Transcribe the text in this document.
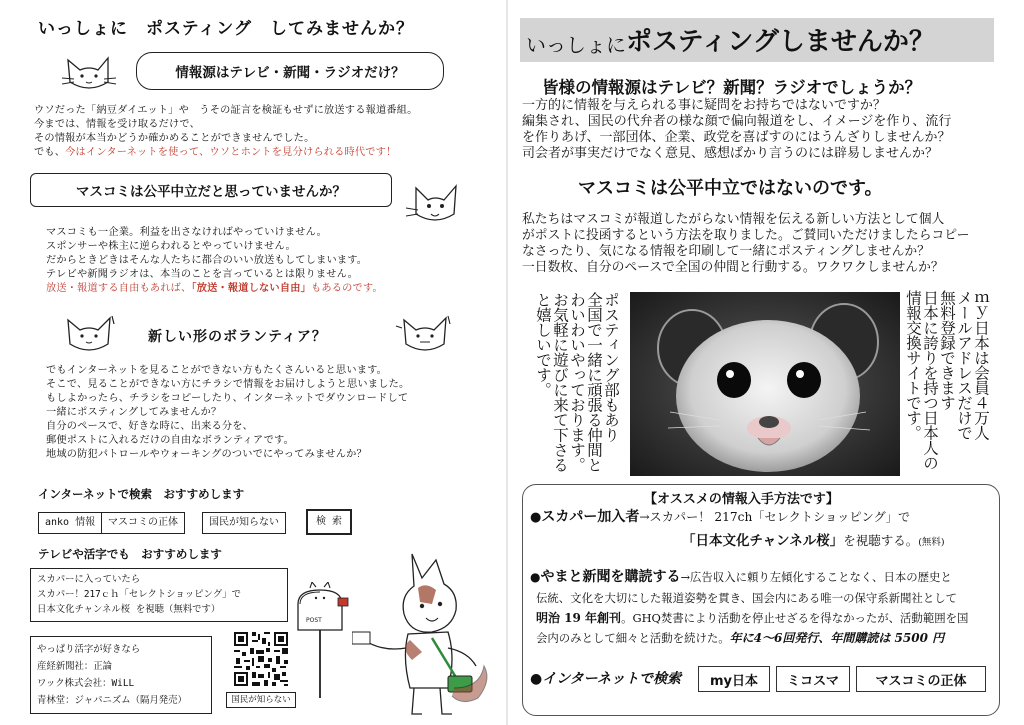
いっしょに　ポスティング　してみませんか？
情報源はテレビ・新聞・ラジオだけ？
ウソだった「納豆ダイエット」や　うその証言を検証もせずに放送する報道番組。
今までは、情報を受け取るだけで、
その情報が本当かどうか確かめることができませんでした。
でも、今はインターネットを使って、ウソとホントを見分けられる時代です！
マスコミは公平中立だと思っていませんか？
マスコミも一企業。利益を出さなければやっていけません。
スポンサーや株主に逆らわれるとやっていけません。
だからときどきはそんな人たちに都合のいい放送もしてしまいます。
テレビや新聞ラジオは、本当のことを言っているとは限りません。
放送・報道する自由もあれば、「放送・報道しない自由」もあるのです。
新しい形のボランティア？
でもインターネットを見ることができない方もたくさんいると思います。
そこで、見ることができない方にチラシで情報をお届けしようと思いました。
もしよかったら、チラシをコピーしたり、インターネットでダウンロードして
一緒にポスティングしてみませんか？
自分のペースで、好きな時に、出来る分を、
郵便ポストに入れるだけの自由なボランティアです。
地域の防犯パトロールやウォーキングのついでにやってみませんか？
インターネットで検索　おすすめします
anko 情報	マスコミの正体	国民が知らない	検 索
テレビや活字でも　おすすめします
スカパーに入っていたら
スカパー！217ｃｈ「セレクトショッピング」で
日本文化チャンネル桜 を視聴（無料です）
やっぱり活字が好きなら
産経新聞社：正論
ワック株式会社：WiLL
青林堂：ジャパニズム（隔月発売）	国民が知らない
POST
いっしょに ポスティングしませんか？
皆様の情報源はテレビ？新聞？ラジオでしょうか？
一方的に情報を与えられる事に疑問をお持ちではないですか？
編集され、国民の代弁者の様な顔で偏向報道をし、イメージを作り、流行
を作りあげ、一部団体、企業、政党を喜ばすのにはうんざりしませんか？
司会者が事実だけでなく意見、感想ばかり言うのには辟易しませんか？
マスコミは公平中立ではないのです。
私たちはマスコミが報道したがらない情報を伝える新しい方法として個人
がポストに投函するという方法を取りました。ご賛同いただけましたらコピー
なさったり、気になる情報を印刷して一緒にポスティングしませんか？
一日数枚、自分のペースで全国の仲間と行動する。ワクワクしませんか？
ポスティング部もあり
全国で一緒に頑張る仲間と
わいわいやっております。
お気軽に遊びに来て下さる
と嬉しいです。	ｍｙ日本は会員４万人
メールアドレスだけで
無料登録できます
日本に誇りを持つ日本人の
情報交換サイトです。
【オススメの情報入手方法です】
●スカパー加入者→スカパー！ 217ch「セレクトショッピング」で
「日本文化チャンネル桜」を視聴する。(無料)
●やまと新聞を購読する→広告収入に頼り左傾化することなく、日本の歴史と
伝統、文化を大切にした報道姿勢を貫き、国会内にある唯一の保守系新聞社として
明治 19 年創刊。GHQ焚書により活動を停止せざるを得なかったが、活動範囲を国
会内のみとして細々と活動を続けた。年に4〜6回発行、年間購読は 5500 円
●インターネットで検索	my日本	ミコスマ	マスコミの正体
